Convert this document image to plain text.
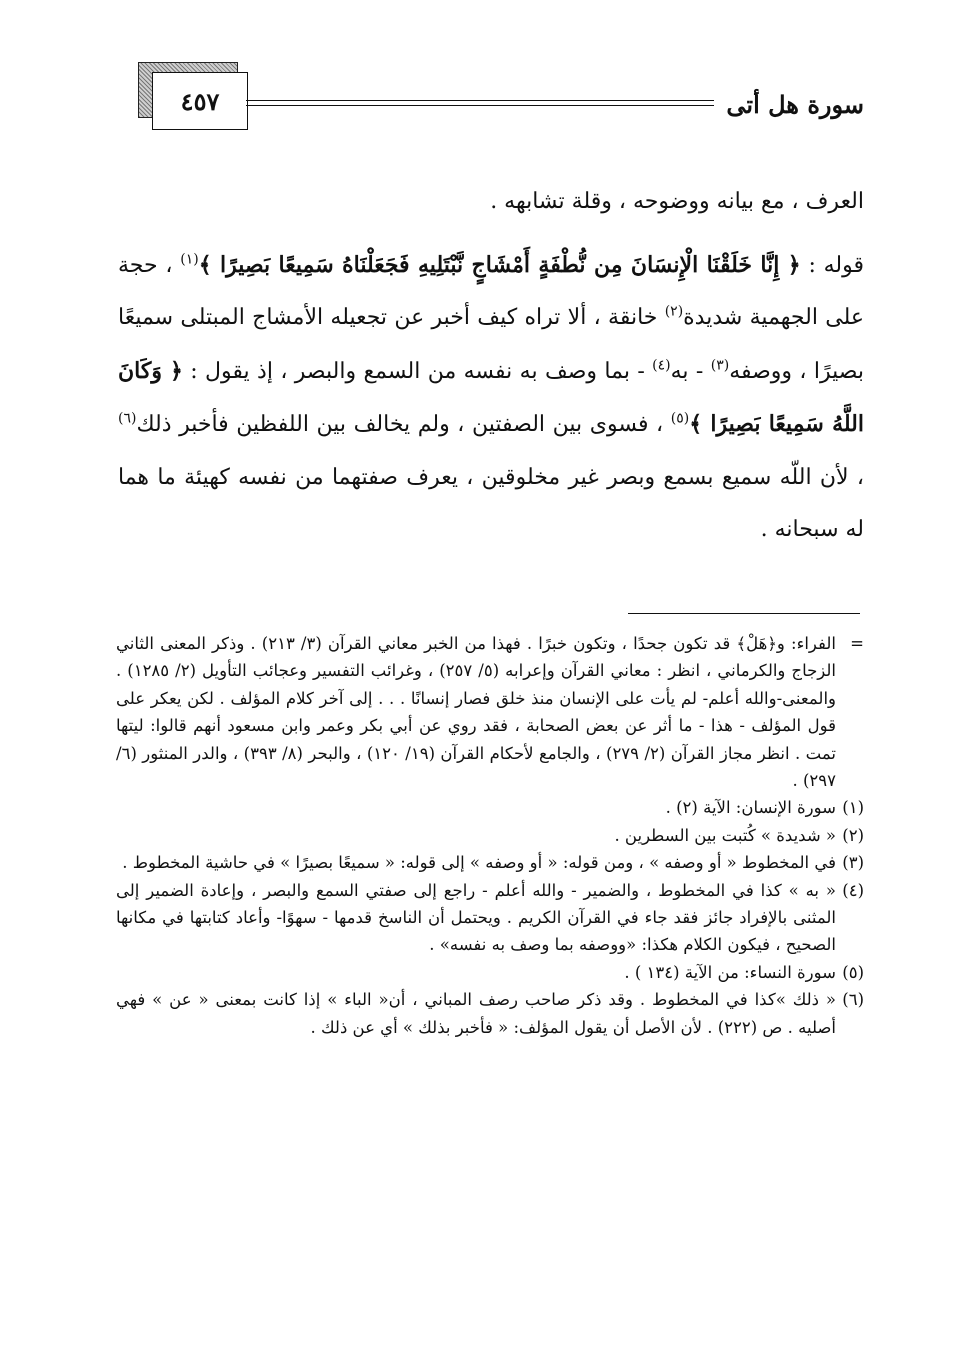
٤٥٧	سورة هل أتى

العرف ، مع بيانه ووضوحه ، وقلة تشابهه .

قوله : ﴿ إِنَّا خَلَقْنَا الْإِنسَانَ مِن نُّطْفَةٍ أَمْشَاجٍ نَّبْتَلِيهِ فَجَعَلْنَاهُ سَمِيعًا بَصِيرًا ﴾$^{(١)}$ ، حجة على الجهمية شديدة$^{(٢)}$ خانقة ، ألا تراه كيف أخبر عن تجعيله الأمشاج المبتلى سميعًا بصيرًا ، ووصفه$^{(٣)}$ - به$^{(٤)}$ - بما وصف به نفسه من السمع والبصر ، إذ يقول : ﴿ وَكَانَ اللَّهُ سَمِيعًا بَصِيرًا ﴾$^{(٥)}$ ، فسوى بين الصفتين ، ولم يخالف بين اللفظين فأخبر ذلك$^{(٦)}$ ، لأن اللّه سميع بسمع وبصر غير مخلوقين ، يعرف صفتهما من نفسه كهيئة ما هما له سبحانه .

=
الفراء: و﴿هَلْ﴾ قد تكون جحدًا ، وتكون خبرًا . فهذا من الخبر معاني القرآن (٣/ ٢١٣) . وذكر المعنى الثاني الزجاج والكرماني ، انظر : معاني القرآن وإعرابه (٥/ ٢٥٧) ، وغرائب التفسير وعجائب التأويل (٢/ ١٢٨٥) . والمعنى-والله أعلم- لم يأت على الإنسان منذ خلق فصار إنسانًا . . . إلى آخر كلام المؤلف . لكن يعكر على قول المؤلف - هذا - ما أثر عن بعض الصحابة ، فقد روي عن أبي بكر وعمر وابن مسعود أنهم قالوا: ليتها تمت . انظر مجاز القرآن (٢/ ٢٧٩) ، والجامع لأحكام القرآن (١٩/ ١٢٠) ، والبحر (٨/ ٣٩٣) ، والدر المنثور (٦/ ٢٩٧) .
(١)
سورة الإنسان: الآية (٢) .
(٢)
« شديدة » كُتبت بين السطرين .
(٣)
في المخطوط « أو وصفه » ، ومن قوله: « أو وصفه » إلى قوله: « سميعًا بصيرًا » في حاشية المخطوط .
(٤)
« به » كذا في المخطوط ، والضمير - والله أعلم - راجع إلى صفتي السمع والبصر ، وإعادة الضمير إلى المثنى بالإفراد جائز فقد جاء في القرآن الكريم . ويحتمل أن الناسخ قدمها - سهوًا- وأعاد كتابتها في مكانها الصحيح ، فيكون الكلام هكذا: «ووصفه بما وصف به نفسه» .
(٥)
سورة النساء: من الآية (١٣٤ ) .
(٦)
« ذلك »كذا في المخطوط . وقد ذكر صاحب رصف المباني ، أن« الباء » إذا كانت بمعنى « عن » فهي أصليه . ص (٢٢٢) . لأن الأصل أن يقول المؤلف: « فأخبر بذلك » أي عن ذلك .
